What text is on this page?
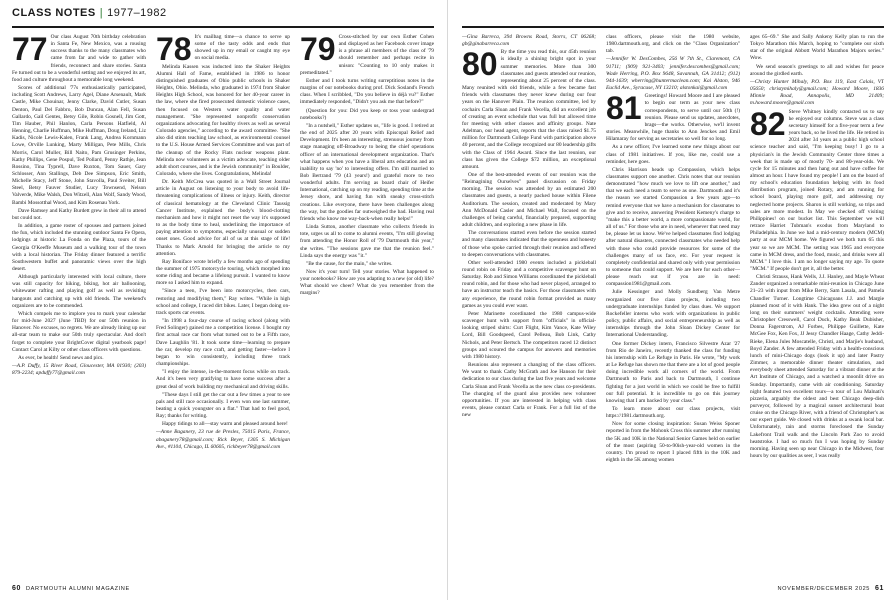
CLASS NOTES | 1977–1982

77 Our class August 70th birthday celebration in Santa Fe, New Mexico, was a rousing success thanks to the many classmates who came from far and wide to gather with friends, reconnect and share stories. Santa Fe turned out to be a wonderful setting and we enjoyed its art, food and culture throughout a memorable long weekend.

Scores of additional '77s enthusiastically participated, including Scott Andrews, Larry Agel, Diane Arsenault, Mark Castle, Mike Chouinar, Jenny Clarke, David Cutler, Susan Denton, Paul Del Fabbro, Bob Duncan, Alan Fell, Susan Gallardo, Gail Gentes, Betsy Gile, Robin Gosnell, Jim Gott, Tim Hauber, Phil Hanlon, Carla Persons Hatfield, Al Henning, Charlie Huffman, Mike Huffman, Doug Ireland, Liz Kadis, Nicole Lewis-Kalen, Frank Lang, Andrea Kornmann Lowe, Orville Lunking, Marty Milligan, Pete Mills, Chris Morris, Carol Muller, Bill Naito, Pam Grusinger Perkins, Kathy Phillips, Gene Pospul, Ted Pollard, Penny Rathje, Jean Rossino, Tina Typrell, Dave Ruxton, Tom Sauer, Gary Schlosser, Ann Stallings, Deb Dee Simpson, Eric Smith, Michelle Stacy, Jeff Stone, John Stavolla, Paul Sveiter, Bill Steel, Betsy Fauver Studier, Lucy Townsend, Nelson Valverde, Mike Walsh, Don Witzell, Alan Wolf, Sandy Wood, Bambi Mossotthal Wood, and Kim Rosenau York.

Dave Ramsey and Kathy Burdett grew in their all to attend but could not.

In addition, a game roster of spouses and partners joined the fun, which included the stunning outdoor Santa Fe Opera, lodgings at historic La Fonda on the Plaza, tours of the Georgia O'Keeffe Museum and a walking tour of the town with a local historian. The Friday dinner featured a terrific Southwestern buffet and panoramic views over the high desert.

Although particularly interested with local culture, there was still capacity for hiking, biking, hot air ballooning, whitewater rafting and playing golf as well as revisiting hangouts and catching up with old friends. The weekend's organizers are to be commended.

Which compels me to implore you to mark your calendar for mid-June 2027 (June TBD) for our 50th reunion in Hanover. No excuses, no regrets. We are already lining up our all-star team to make our 50th truly spectacular. And don't forget to complete your BrightCover digital yearbook page! Contact Carol at Kilty or other class officers with questions.

As ever, be health! Send news and pics.

—A.P. Duffy, 15 River Road, Gloucester, MA 01930; (203) 879-2234; apduffy77@gmail.com

78 It's mailbag time—a chance to serve up some of the tasty odds and ends that showed up in my email or caught my eye on social media.

Melinda Kassen was inducted into the Shaker Heights Alumni Hall of Fame, established in 1986 to honor distinguished graduates of Ohio public schools in Shaker Heights, Ohio. Melinda, who graduated in 1974 from Shaker Heights High School, was honored for her 40-year career in the law, where she fired prosecuted domestic violence cases, then focused on Western water quality and water management. "She represented nonprofit conservation organizations advocating for healthy rivers as well as several Colorado agencies," according to the award committee. "She also did stints teaching law school, as environmental counsel to the U.S. House Armed Services Committee and was part of the cleanup of the Rocky Flats nuclear weapons plant. Melinda now volunteers as a victim advocate, teaching older adult short courses, and is the Jewish community" in Boulder, Colorado, where she lives. Congratulations, Melinda!

Dr. Keith McCrea was quoted in a Wall Street Journal article in August on listening to your body to avoid life-threatening complications of illness or injury. Keith, director of classical hematology at the Cleveland Clinic Taussig Cancer Institute, explained the body's blood-clotting mechanism and how it might not reset the way it's supposed to as the body time to heal, underlining the importance of paying attention to symptoms, especially unusual or sudden onset ones. Good advice for all of us at this stage of life! Thanks to Mark Arnold for bringing the article to my attention.

Ray Boniface wrote briefly a few months ago of spending the summer of 1975 motorcycle touring, which morphed into some riding and became a lifelong pursuit. I wanted to know more so I asked him to expand.

"Since a teen, I've been into motorcycles, then cars, restoring and modifying them," Ray writes. "While in high school and college, I raced dirt bikes. Later, I began doing on-track sports car events.

"In 1998 a four-day course of racing school (along with Fred Solinger) gained me a competition license. I bought my first actual race car from what turned out to be a Fifth race, Dave Laughlin '81. It took some time—learning to prepare the car, develop my race craft, and getting faster—before I began to win consistently, including three track championships.

"I enjoy the intense, in-the-moment focus while on track. And it's been very gratifying to have some success after a great deal of work building my mechanical and driving skills.

"These days I still get the car out a few times a year to see pals and still race occasionally. I even won one last summer, beating a quick youngster on a flat." That had to feel good, Ray; thanks for writing.

Happy tidings to all—stay warm and pleased around here!

—Anne Baganery, 23 rue de Presles, 75015 Paris, France, abaganery78@gmail.com; Rick Beyer, 1305 S. Michigan Ave., #1104, Chicago, IL 60605, rickbeyer78@gmail.com

79 Cross-stitched by our own Esther Cohen and displayed as her Facebook cover image is a phrase all members of the class of '79 should remember and perhaps recite in unison: "Counting to 10 only makes it premeditated."

Esther and I took turns writing surreptitious notes in the margins of our notebooks during prof. Dick Sosland's French class. When I scribbled, "Do you believe in déjà vu?" Esther immediately responded, "Didn't you ask me that before?"

(Question for you: Did you keep or toss your undergrad notebooks?)

"In a nutshell," Esther updates us, "life is good. I retired at the end of 2025 after 20 years with Episcopal Relief and Development. It's been an interesting, strenuous journey from stage managing off-Broadway to being the chief operations officer of an international development organization. That's what happens when you have a liberal arts education and an inability to say 'no' to interesting offers. I'm still married to Bob Bertrand '79 (43 years!) and grateful more to two wonderful adults. I'm serving as board chair of Heifer International, catching up on my reading, spending time at the Jersey shore, and having fun with sneaky cross-stitch creations. Like everyone, there have been challenges along the way, but the goodies far outweighed the bad. Having real friends who know me way-back-when really helps!"

Linda Sutton, another classmate who collects friends in tote, urges us all to come to alumni events, "I'm still glowing from attending the Honor Roll of '79 Dartmouth this year," she writes. "The sessions gave me that the reunion feel." Linda says the energy was "it."

"Be the cause, for the main," she writes.

Now it's your turn! Tell your stories. What happened to your notebooks? How are you adapting to a new (or old) life? What should we cheer? What do you remember from the margins?

60 DARTMOUTH ALUMNI MAGAZINE

—Gina Barreca, 394 Browns Road, Storrs, CT 06268; gb@ginabarreca.com

80 By the time you read this, our 45th reunion is ideally a shining bright spot in your summer memories. More than 300 classmates and guests attended our reunion, representing about 25 percent of the class. Many reunited with old friends, while a few became fast friends with classmates they never knew during our four years on the Hanover Plain. The reunion committee, led by cochairs Carla Sloan and Frank Vecella, did an excellent job of creating an event schedule that was full but allowed time for meeting with other classes and affinity groups. Nate Adelman, our head agent, reports that the class raised $1.75 million for Dartmouth College Fund with participation above 40 percent, and the College recognized our 80 leadership gifts with the Class of 1964 Award. Since the last reunion, our class has given the College $72 million, an exceptional amount.

One of the best-attended events of our reunion was the "Reimagining Ourselves" panel discussion on Friday morning. The session was attended by an estimated 200 classmates and guests, a nearly packed house within Filene Auditorium. The session, created and moderated by Mary Ann McDonald Casler and Michael Wall, focused on the challenges of being careful, financially prepared, supporting adult children, and exploring a new phase in life.

The conversations started even before the session started and many classmates indicated that the openness and honesty of those who spoke carried through their reunion and offered to deepen conversations with classmates.

Other well-attended 1980 events included a pickleball round robin on Friday and a competitive scavenger hunt on Saturday. Rob and Simon Williams coordinated the pickleball round robin, and for those who had never played, arranged to have an instructor teach the basics. For those classmates with any experience, the round robin format provided as many games as you could ever want.

Peter Marinette coordinated the 1980 campus-wide scavenger hunt with support from "officials" in official-looking striped shirts: Curt Flight, Kim Vance, Kate Wiley Lord, Bill Goodspeed, Carol Pelleau, Bob Link, Cathy Nichols, and Peter Bertsch. The competitors raced 12 distinct groups and scoured the campus for answers and memories with 1980 history.

Reunions also represent a changing of the class officers. We want to thank Cathy McGrath and Joe Hanson for their dedication to our class during the last five years and welcome Carla Sloan and Frank Vecella as the new class co-presidents. The changing of the guard also provides new volunteer opportunities. If you are interested in helping with class events, please contact Carla or Frank. For a full list of the new

class officers, please visit the 1980 website, 1980.dartmouth.org, and click on the "Class Organization" tab.

—Jennifer W. DesCombes, 256 W 7th St., Claremont, CA 91711; (909) 921-3403; jennifer.descombes@gmail.com; Wade Herring, P.O. Box 9648, Savannah, GA 31412; (912) 944-1639; wherring@huntermaclean.com; Kai Alston, 946 Euclid Ave., Syracuse, NY 13210; alstonkai@gmail.com

81 Greetings! Howard Moore and I are pleased to begin our term as your new class correspondents, to serve until our 50th (!) reunion. Please send us updates, anecdotes, brags—the works. Otherwise, we'll invent stories. Meanwhile, huge thanks to Ann Jenckes and Emil Hilamaray for serving as secretaries so well for so long.

As a new officer, I've learned some new things about our class of 1981 initiatives. If you, like me, could use a reminder, here goes.

Chris Harrison heads up Compassion, which helps classmates support one another. Chris notes that our reunion demonstrated "how much we love to lift one another," and that we each need a team to serve as one. Dartmouth and it's the reason we started Compassion a few years ago—to remind everyone that we have a mechanism for classmates to give and to receive, answering President Kemeny's charge to "make this a better world, a more compassionate world, for all of us." For those who are in need, whenever that need may be, please let us know. We've helped classmates find lodging after natural disasters, connected classmates who needed help with those who could provide resources for some of the challenges many of us face, etc. For your request is completely confidential and shared only with your permission to someone that could support. We are here for each other—please reach out if you are in need: compassion1981@gmail.com.

Julie Kessinger and Molly Sundberg Van Metre reorganized our five class projects, including two undergraduate internships funded by class dues. We support Rockefeller interns who work with organizations in public policy, public affairs, and social entrepreneurship as well as internships through the John Sloan Dickey Center for International Understanding.

One former Dickey intern, Francisco Silvestre Azar '27 from Rio de Janeiro, recently thanked the class for funding his internship with Le Refuge in Paris. He wrote, "My work at Le Refuge has shown me that there are a lot of good people doing incredible work all corners of the world. From Dartmouth to Paris and back to Dartmouth, I continue fighting for a just world in which we could be free to fulfill our full potential. It is incredible to go on this journey knowing that I am backed by your class."

To learn more about our class projects, visit https://1981.dartmouth.org.

Now for some closing inspiration: Susan Weiss Sponer reported in from the Mohonk Cross this summer after running the 5K and 10K in the National Senior Games held on earlier of the most (aspiring 50-to-90ish-year-old women in the country. I'm proud to report I placed fifth in the 10K and eighth in the 5K among women

ages 65–69." She and Sally Ankeny Kelly plan to run the Tokyo Marathon this March, hoping to "complete our sixth star of the original Abbott World Marathon Majors series." Wow.

We send season's greetings to all and wishes for peace around the girdled earth.

—Christy Hunter Mihaly, P.O. Box 119, East Calais, VT 05650; christymihaly@gmail.com; Howard Moore, 1836 Minnie Road, Annapolis, MD 21409; m.howard.moore@gmail.com

82 Steve Whitney kindly contacted us to say he enjoyed our columns. Steve was a class secretary himself for a five-year term a few years back, so he lived the life. He retired in 2024 after 34 years as a public high school science teacher and said, "I'm keeping busy! I go to a physician's in the Jewish Community Center three times a week that is made up of mostly 70- and 80-year-olds. We cycle for 15 minutes and then hang out and have coffee for almost an hour. I have found my people! I am on the board of my school's education foundation helping with its food distribution program, joined Rotary, and am running for school board, playing more golf, and addressing my neglected home projects. Sharon is still working, so trips and sales are more modest. In May we checked off visiting Philippines! on our bucket list. This September we will retrace Harriet Tubman's exodus from Maryland to Philadelphia. In June we had a mid-century modern (MCM) party at our MCM home. We figured we both turn 65 this year so we are MCM. The setting was 1965 and everyone came in MCM dress, and the food, music, and drinks were all MCM." I love this. I am no longer saying my age. To quote "MCM." If people don't get it, all the better.

Christi Strauss, Hank Wells, J.J. Hanley, and Mayle Wheat Zander organized a remarkable mini-reunion in Chicago June 21–23 with input from Mike Berry, Sam Lasala, and Pamela Chandler Turner. Longtime Chicagoans J.J. and Margie planned most of it with Hank. The idea grew out of a night long on their summers' weight cocktails. Attending were Christopher Cresswell, Carol Duck, Kathy Beak Dubisher, Donna Fagerstrom, AJ Forbes, Philippe Guillette, Kate McGee Fox, Ken Fox, JJ Jessy Chandler Haage, Cathy Jeddi-Rieke, Elena Jules Moscatelle, Christi, and Marjie's husband, Boyd Zander. A few attended Friday with a health-conscious lunch of mini-Chicago dogs (look it up) and later Pastry Zimmer, a memorable dinner theater simulation, and everybody sheet attended Saturday for a vibrant dinner at the Art Institute of Chicago, and a watched a moonlit drive on Sunday. Importantly, came with air conditioning. Saturday night featured two excellent tours—a tour of Lou Malnati's pizzeria, arguably the oldest and best Chicago deep-dish purveyor, followed by a magical sunset architectural boat cruise on the Chicago River, with a friend of Christopher's as our expert guide. We closed with drinks at a swank local bar. Unfortunately, rain and storms foreclosed the Sunday Lakefront Trail walk and the Lincoln Park Zoo to avoid heatstroke. I had so much fun I was hoping by Sunday morning. Having seen up near Chicago in the Midwest, four hours by our qualities as seer, I was really

NOVEMBER/DECEMBER 2025 61
